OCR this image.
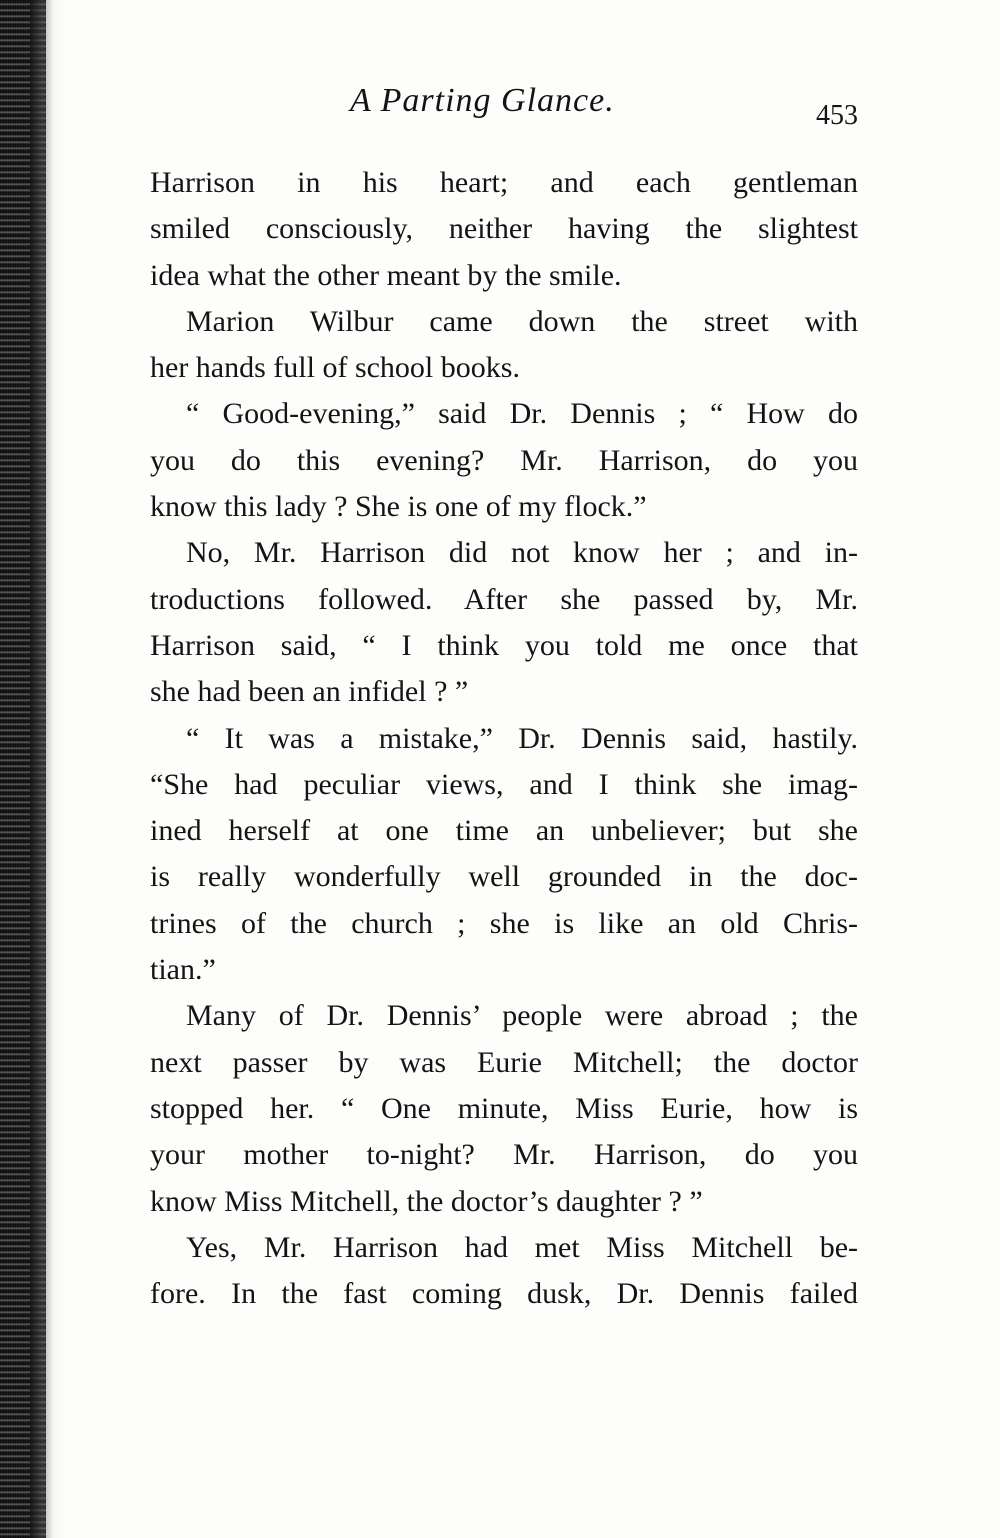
A Parting Glance.	453
Harrison in his heart; and each gentleman
smiled consciously, neither having the slightest
idea what the other meant by the smile.
Marion Wilbur came down the street with
her hands full of school books.
“ Good-evening,” said Dr. Dennis ; “ How do
you do this evening? Mr. Harrison, do you
know this lady ? She is one of my flock.”
No, Mr. Harrison did not know her ; and in-
troductions followed. After she passed by, Mr.
Harrison said, “ I think you told me once that
she had been an infidel ? ”
“ It was a mistake,” Dr. Dennis said, hastily.
“She had peculiar views, and I think she imag-
ined herself at one time an unbeliever; but she
is really wonderfully well grounded in the doc-
trines of the church ; she is like an old Chris-
tian.”
Many of Dr. Dennis’ people were abroad ; the
next passer by was Eurie Mitchell; the doctor
stopped her. “ One minute, Miss Eurie, how is
your mother to-night? Mr. Harrison, do you
know Miss Mitchell, the doctor’s daughter ? ”
Yes, Mr. Harrison had met Miss Mitchell be-
fore. In the fast coming dusk, Dr. Dennis failed
